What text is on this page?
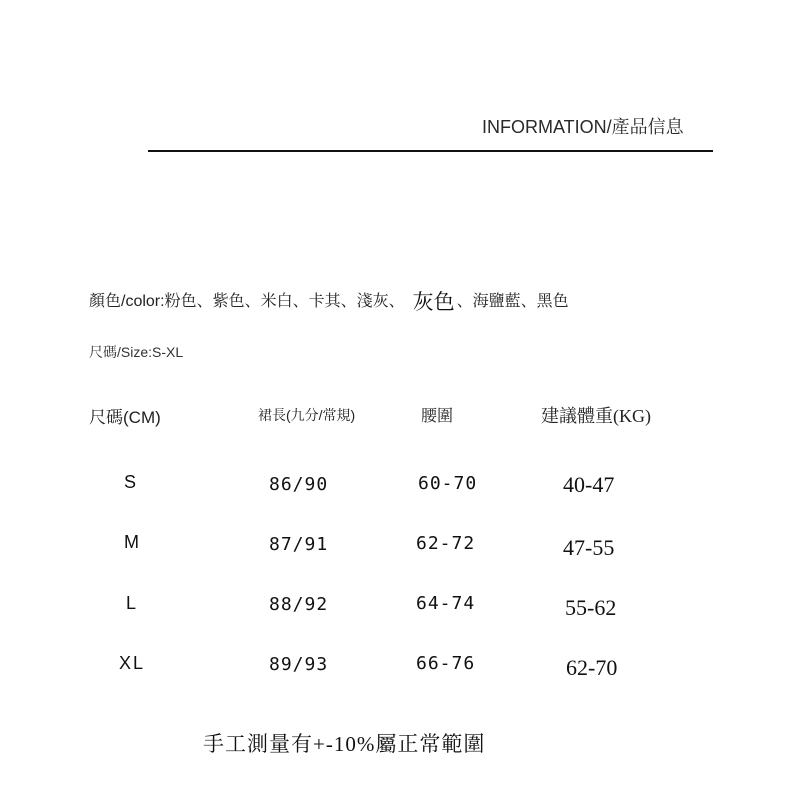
INFORMATION/產品信息
顏色/color:粉色、紫色、米白、卡其、淺灰、 灰色 、海鹽藍、黑色
尺碼/Size:S-XL
尺碼(CM)	裙長(九分/常規)	腰圍	建議體重(KG)
S	86/90	60-70	40-47
M	87/91	62-72	47-55
L	88/92	64-74	55-62
XL	89/93	66-76	62-70
手工測量有+-10%屬正常範圍
